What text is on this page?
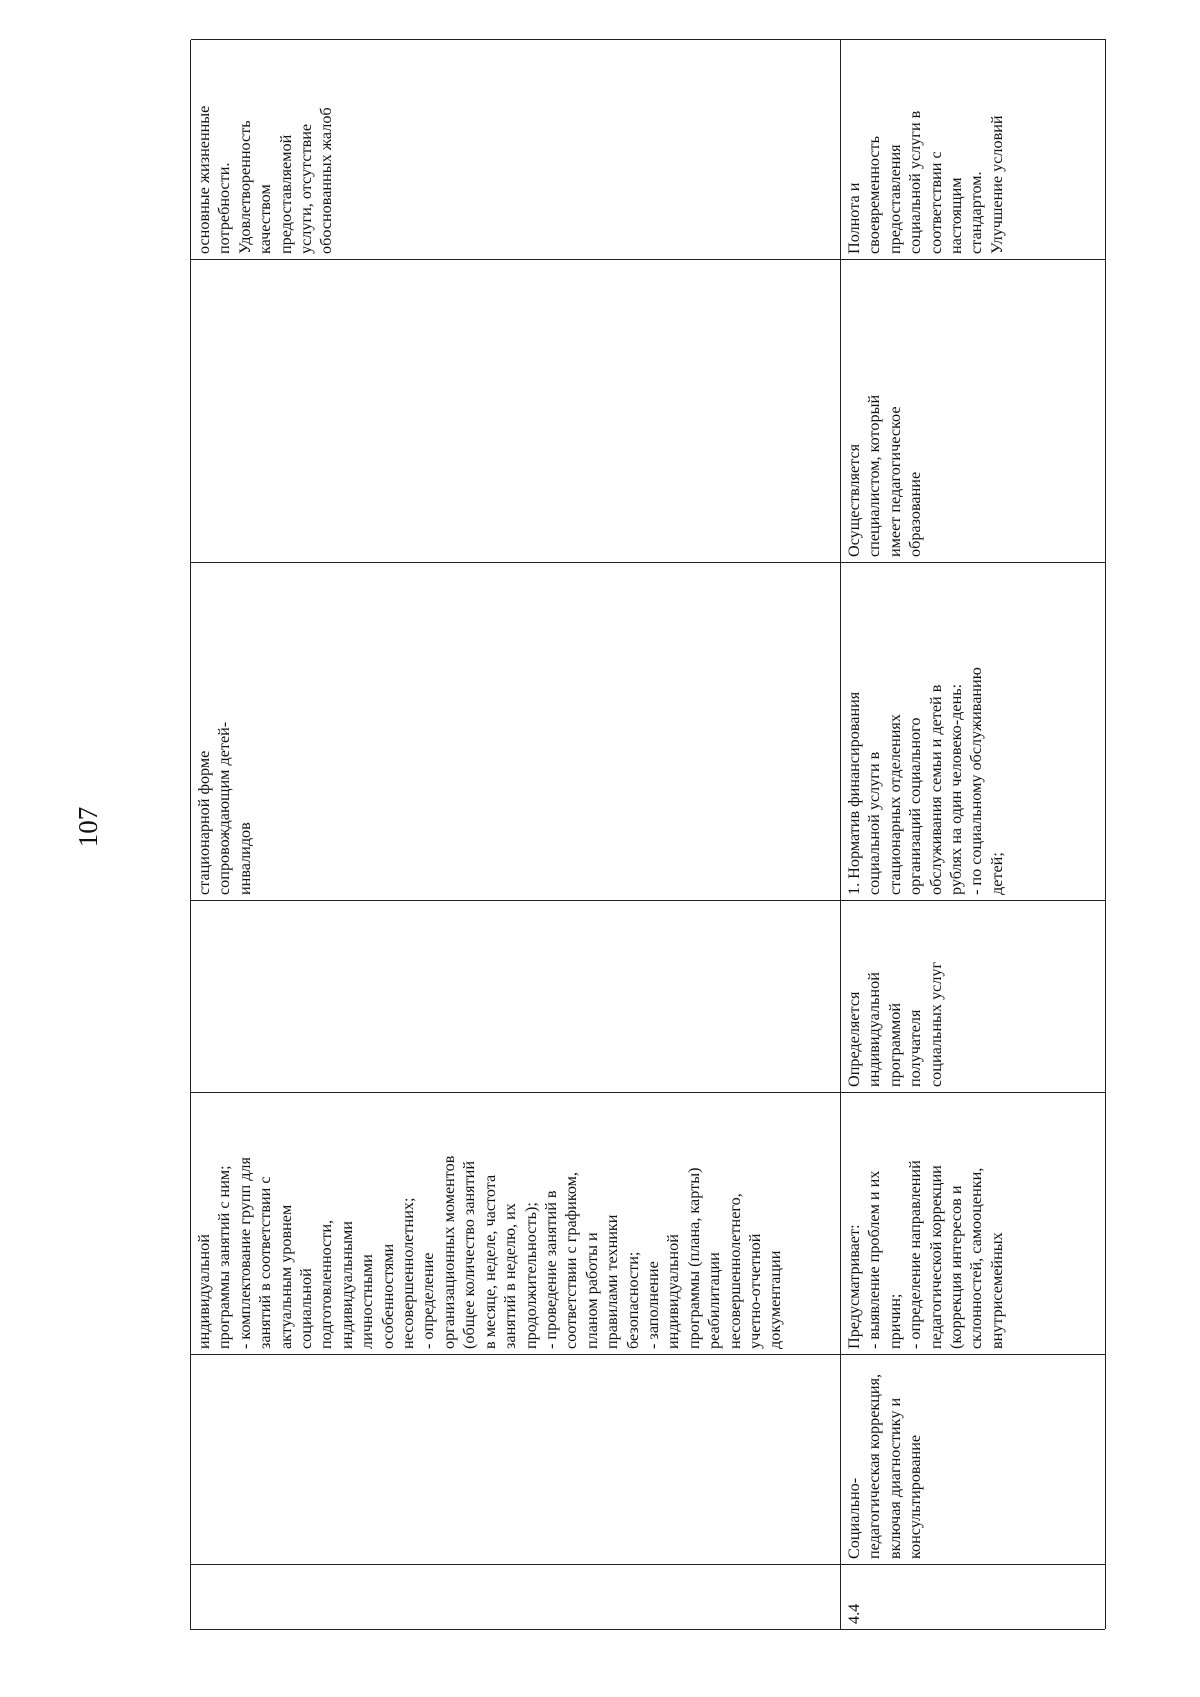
107
индивидуальной
программы занятий с ним;
- комплектование групп для
занятий в соответствии с
актуальным уровнем
социальной
подготовленности,
индивидуальными
личностными
особенностями
несовершеннолетних;
- определение
организационных моментов
(общее количество занятий
в месяце, неделе, частота
занятий в неделю, их
продолжительность);
- проведение занятий в
соответствии с графиком,
планом работы и
правилами техники
безопасности;
- заполнение
индивидуальной
программы (плана, карты)
реабилитации
несовершеннолетнего,
учетно-отчетной
документации
стационарной форме
сопровождающим детей-
инвалидов
основные жизненные
потребности.
Удовлетворенность
качеством
предоставляемой
услуги, отсутствие
обоснованных жалоб
4.4
Социально-
педагогическая коррекция,
включая диагностику и
консультирование
Предусматривает:
- выявление проблем и их
причин;
- определение направлений
педагогической коррекции
(коррекция интересов и
склонностей, самооценки,
внутрисемейных
Определяется
индивидуальной
программой
получателя
социальных услуг
1. Норматив финансирования
социальной услуги в
стационарных отделениях
организаций социального
обслуживания семьи и детей в
рублях на один человеко-день:
- по социальному обслуживанию
детей;
Осуществляется
специалистом, который
имеет педагогическое
образование
Полнота и
своевременность
предоставления
социальной услуги в
соответствии с
настоящим
стандартом.
Улучшение условий
